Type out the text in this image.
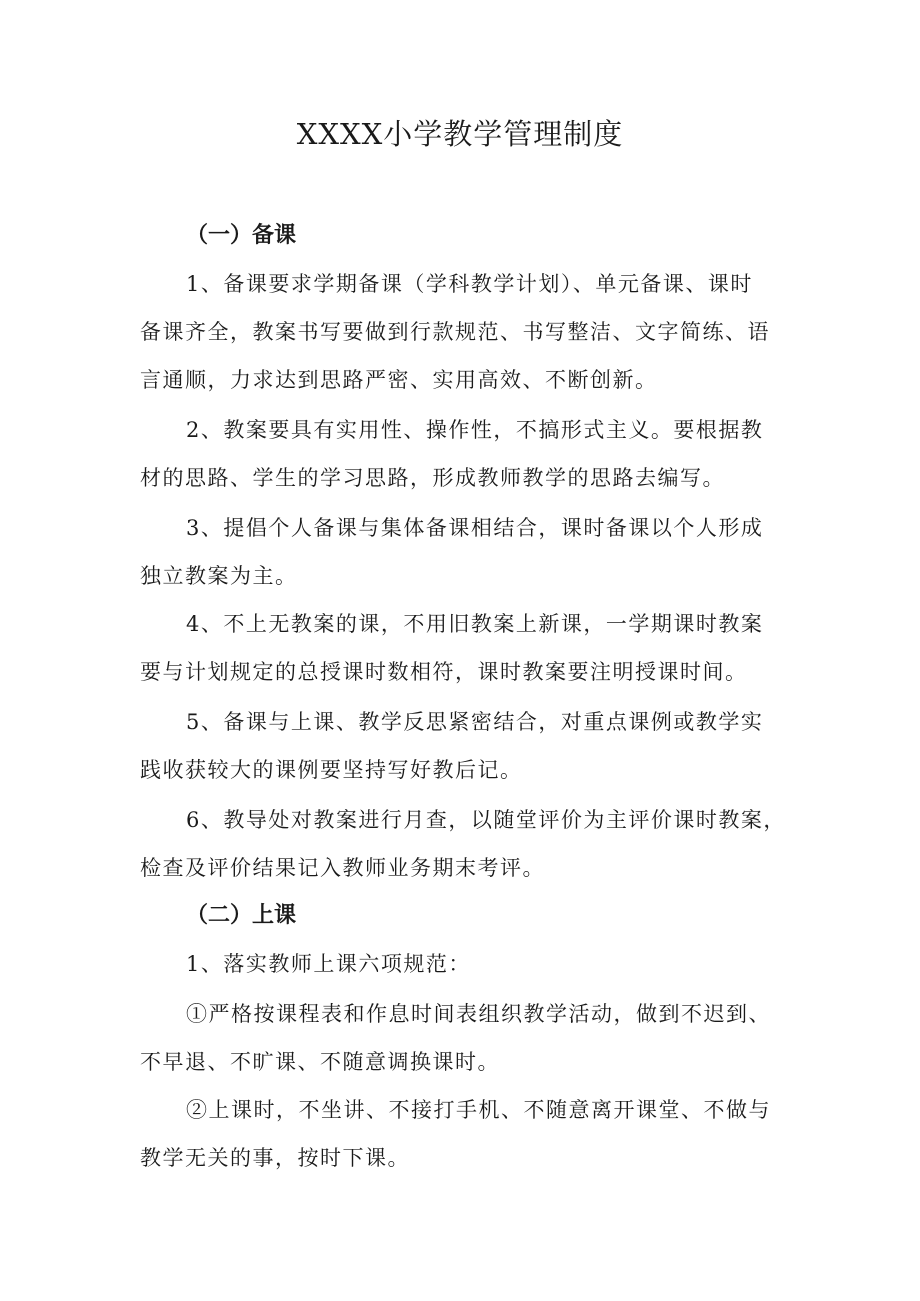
XXXX小学教学管理制度
（一）备课
1、备课要求学期备课（学科教学计划）、单元备课、课时
备课齐全，教案书写要做到行款规范、书写整洁、文字简练、语
言通顺，力求达到思路严密、实用高效、不断创新。
2、教案要具有实用性、操作性，不搞形式主义。要根据教
材的思路、学生的学习思路，形成教师教学的思路去编写。
3、提倡个人备课与集体备课相结合，课时备课以个人形成
独立教案为主。
4、不上无教案的课，不用旧教案上新课，一学期课时教案
要与计划规定的总授课时数相符，课时教案要注明授课时间。
5、备课与上课、教学反思紧密结合，对重点课例或教学实
践收获较大的课例要坚持写好教后记。
6、教导处对教案进行月查，以随堂评价为主评价课时教案，
检查及评价结果记入教师业务期末考评。
（二）上课
1、落实教师上课六项规范：
①严格按课程表和作息时间表组织教学活动，做到不迟到、
不早退、不旷课、不随意调换课时。
②上课时，不坐讲、不接打手机、不随意离开课堂、不做与
教学无关的事，按时下课。
